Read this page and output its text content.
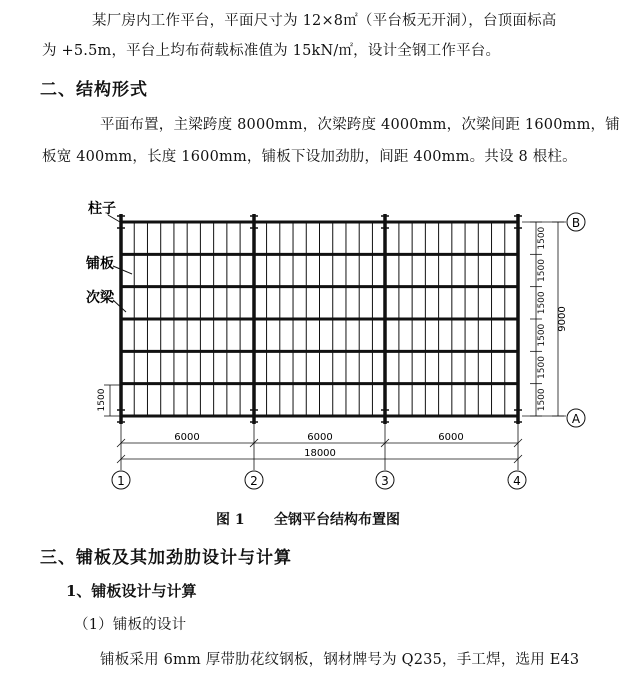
某厂房内工作平台，平面尺寸为 12×8㎡（平台板无开洞），台顶面标高
为 +5.5m，平台上均布荷载标准值为 15kN/㎡，设计全钢工作平台。
二、结构形式
平面布置，主梁跨度 8000mm，次梁跨度 4000mm，次梁间距 1600mm，铺
板宽 400mm，长度 1600mm，铺板下设加劲肋，间距 400mm。共设 8 根柱。
柱子
铺板
次梁
1500
9000
B
A
6000	6000	6000
18000
1	2	3	4
1500
1500
1500
1500
1500
1500
图 1 全钢平台结构布置图
三、铺板及其加劲肋设计与计算
1、铺板设计与计算
（1）铺板的设计
铺板采用 6mm 厚带肋花纹钢板，钢材牌号为 Q235，手工焊，选用 E43
